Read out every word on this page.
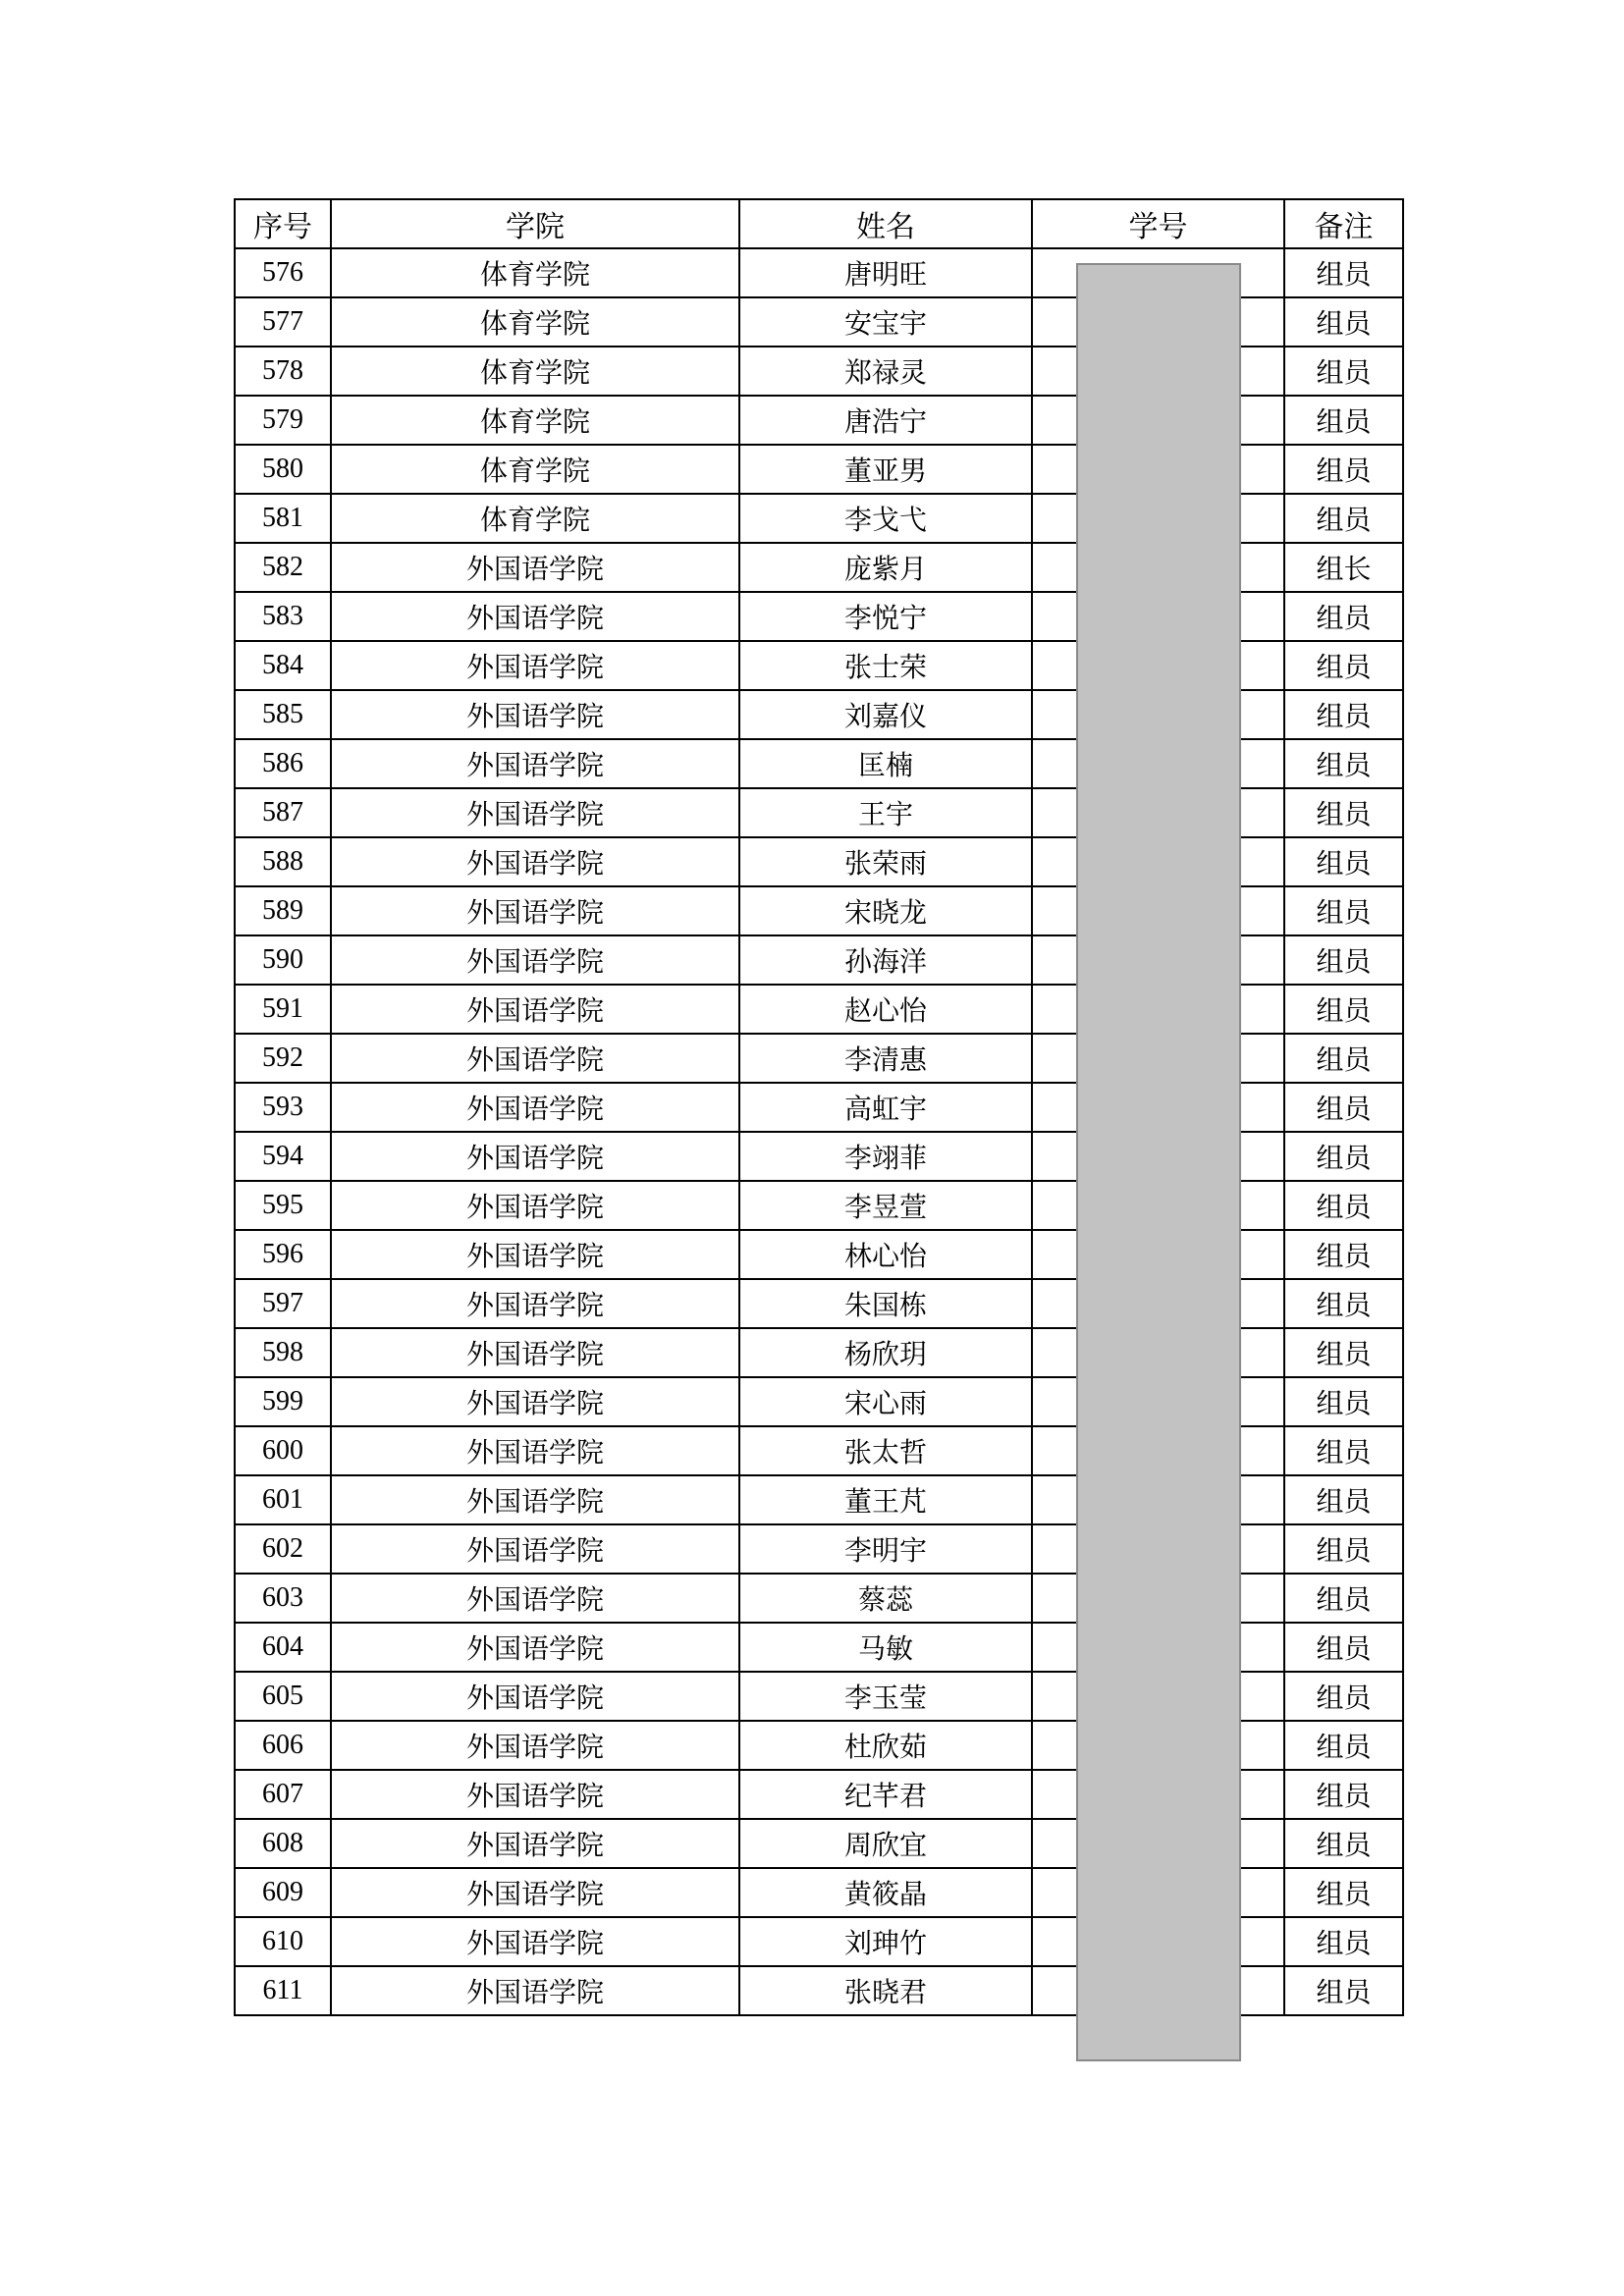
序号	学院	姓名	学号	备注
576	体育学院	唐明旺		组员
577	体育学院	安宝宇		组员
578	体育学院	郑禄灵		组员
579	体育学院	唐浩宁		组员
580	体育学院	董亚男		组员
581	体育学院	李戈弋		组员
582	外国语学院	庞紫月		组长
583	外国语学院	李悦宁		组员
584	外国语学院	张士荣		组员
585	外国语学院	刘嘉仪		组员
586	外国语学院	匡楠		组员
587	外国语学院	王宇		组员
588	外国语学院	张荣雨		组员
589	外国语学院	宋晓龙		组员
590	外国语学院	孙海洋		组员
591	外国语学院	赵心怡		组员
592	外国语学院	李清惠		组员
593	外国语学院	高虹宇		组员
594	外国语学院	李翊菲		组员
595	外国语学院	李昱萱		组员
596	外国语学院	林心怡		组员
597	外国语学院	朱国栋		组员
598	外国语学院	杨欣玥		组员
599	外国语学院	宋心雨		组员
600	外国语学院	张太哲		组员
601	外国语学院	董王芃		组员
602	外国语学院	李明宇		组员
603	外国语学院	蔡蕊		组员
604	外国语学院	马敏		组员
605	外国语学院	李玉莹		组员
606	外国语学院	杜欣茹		组员
607	外国语学院	纪芊君		组员
608	外国语学院	周欣宜		组员
609	外国语学院	黄筱晶		组员
610	外国语学院	刘珅竹		组员
611	外国语学院	张晓君		组员
